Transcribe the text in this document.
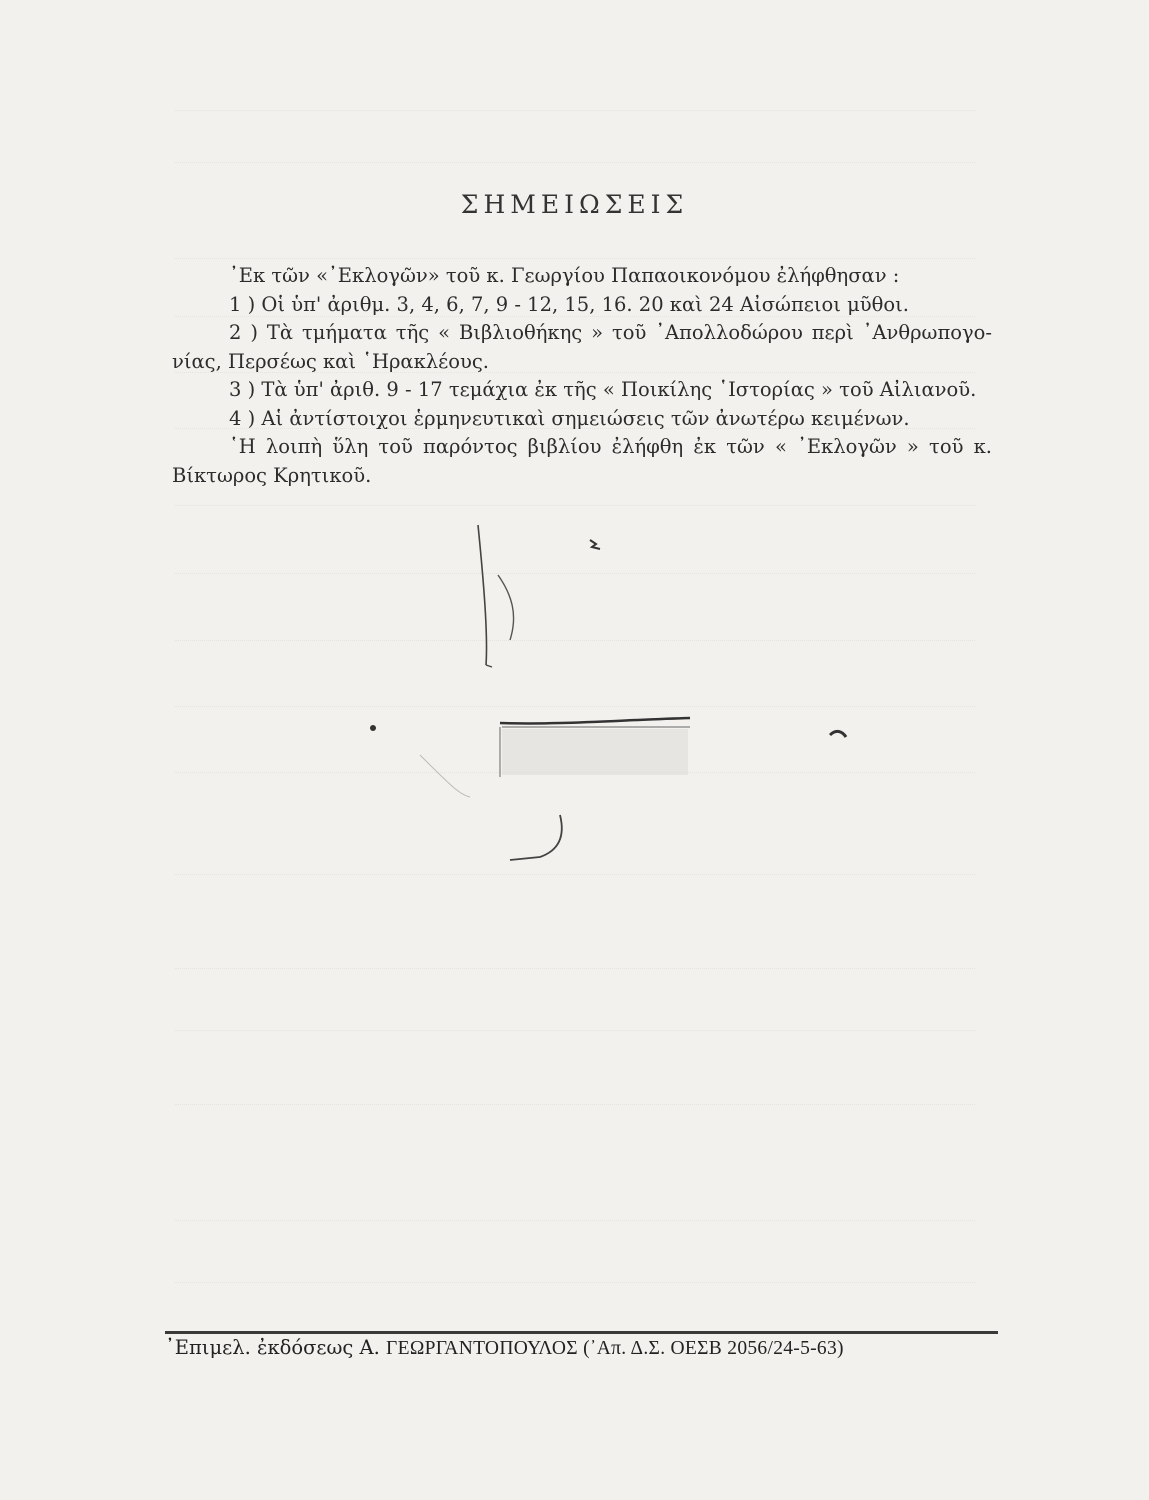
ΣΗΜΕΙΩΣΕΙΣ

᾿Εκ τῶν «᾿Εκλογῶν» τοῦ κ. Γεωργίου Παπαοικονόμου ἐλήφθησαν :

1 ) Οἱ ὑπ' ἀριθμ. 3, 4, 6, 7, 9 - 12, 15, 16. 20 καὶ 24 Αἰσώπειοι μῦθοι.

2 ) Τὰ τμήματα τῆς « Βιβλιοθήκης » τοῦ ᾿Απολλοδώρου περὶ ᾿Ανθρωπογο-νίας, Περσέως καὶ ῾Ηρακλέους.

3 ) Τὰ ὑπ' ἀριθ. 9 - 17 τεμάχια ἐκ τῆς « Ποικίλης ῾Ιστορίας » τοῦ Αἰλιανοῦ.

4 ) Αἱ ἀντίστοιχοι ἑρμηνευτικαὶ σημειώσεις τῶν ἀνωτέρω κειμένων.

῾Η λοιπὴ ὕλη τοῦ παρόντος βιβλίου ἐλήφθη ἐκ τῶν « ᾿Εκλογῶν » τοῦ κ. Βίκτωρος Κρητικοῦ.

᾿Επιμελ. ἐκδόσεως Α. ΓΕΩΡΓΑΝΤΟΠΟΥΛΟΣ (᾿Απ. Δ.Σ. ΟΕΣΒ 2056/24-5-63)
